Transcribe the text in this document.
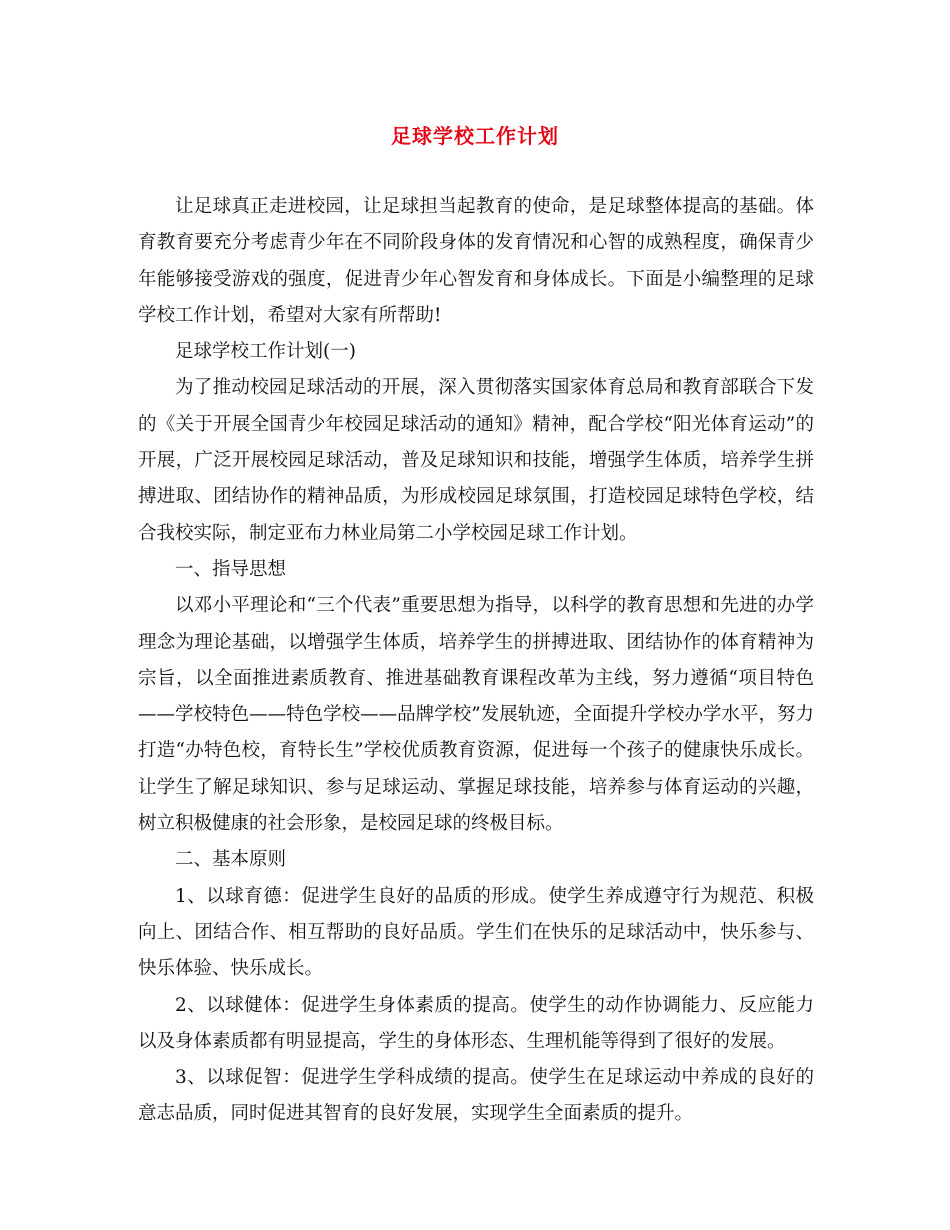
足球学校工作计划

让足球真正走进校园，让足球担当起教育的使命，是足球整体提高的基础。体育教育要充分考虑青少年在不同阶段身体的发育情况和心智的成熟程度，确保青少年能够接受游戏的强度，促进青少年心智发育和身体成长。下面是小编整理的足球学校工作计划，希望对大家有所帮助!

足球学校工作计划(一)

为了推动校园足球活动的开展，深入贯彻落实国家体育总局和教育部联合下发的《关于开展全国青少年校园足球活动的通知》精神，配合学校“阳光体育运动”的开展，广泛开展校园足球活动，普及足球知识和技能，增强学生体质，培养学生拼搏进取、团结协作的精神品质，为形成校园足球氛围，打造校园足球特色学校，结合我校实际，制定亚布力林业局第二小学校园足球工作计划。

一、指导思想

以邓小平理论和“三个代表”重要思想为指导，以科学的教育思想和先进的办学理念为理论基础，以增强学生体质，培养学生的拼搏进取、团结协作的体育精神为宗旨，以全面推进素质教育、推进基础教育课程改革为主线，努力遵循“项目特色——学校特色——特色学校——品牌学校”发展轨迹，全面提升学校办学水平，努力打造“办特色校，育特长生”学校优质教育资源，促进每一个孩子的健康快乐成长。让学生了解足球知识、参与足球运动、掌握足球技能，培养参与体育运动的兴趣，树立积极健康的社会形象，是校园足球的终极目标。

二、基本原则

1、以球育德：促进学生良好的品质的形成。使学生养成遵守行为规范、积极向上、团结合作、相互帮助的良好品质。学生们在快乐的足球活动中，快乐参与、快乐体验、快乐成长。

2、以球健体：促进学生身体素质的提高。使学生的动作协调能力、反应能力以及身体素质都有明显提高，学生的身体形态、生理机能等得到了很好的发展。

3、以球促智：促进学生学科成绩的提高。使学生在足球运动中养成的良好的意志品质，同时促进其智育的良好发展，实现学生全面素质的提升。
